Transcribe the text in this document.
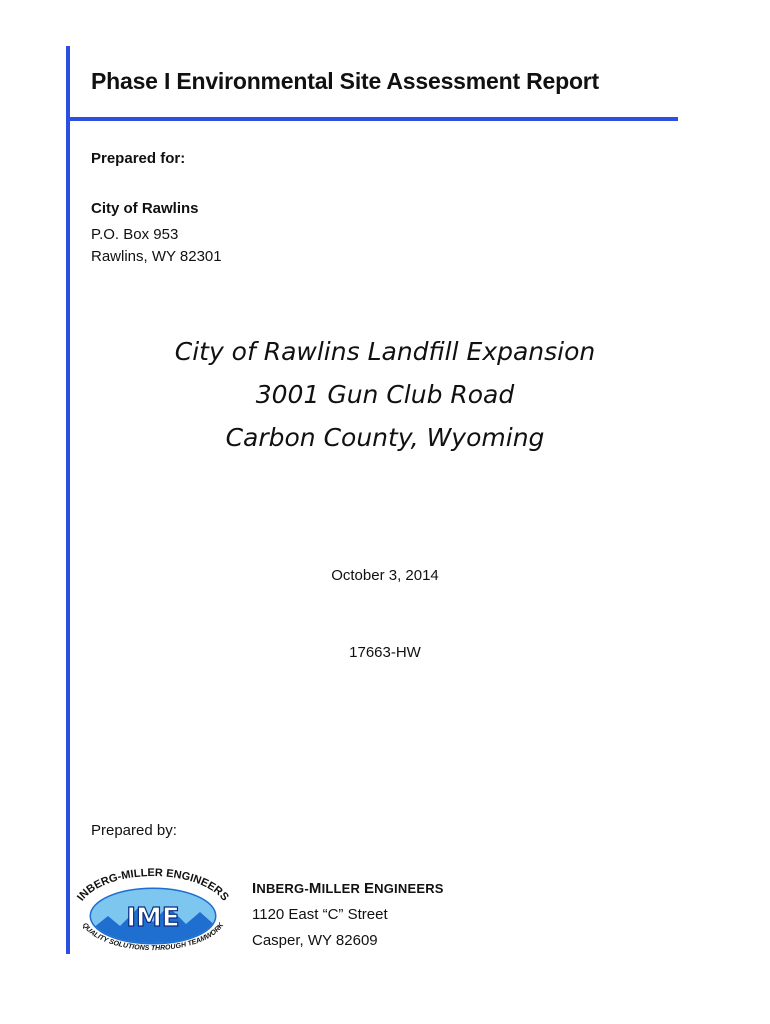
Phase I Environmental Site Assessment Report
Prepared for:
City of Rawlins
P.O. Box 953
Rawlins, WY 82301
City of Rawlins Landfill Expansion
3001 Gun Club Road
Carbon County, Wyoming
October 3, 2014
17663-HW
Prepared by:
INBERG-MILLER ENGINEERS
IME
QUALITY SOLUTIONS THROUGH TEAMWORK
INBERG-MILLER ENGINEERS
1120 East “C” Street
Casper, WY 82609
